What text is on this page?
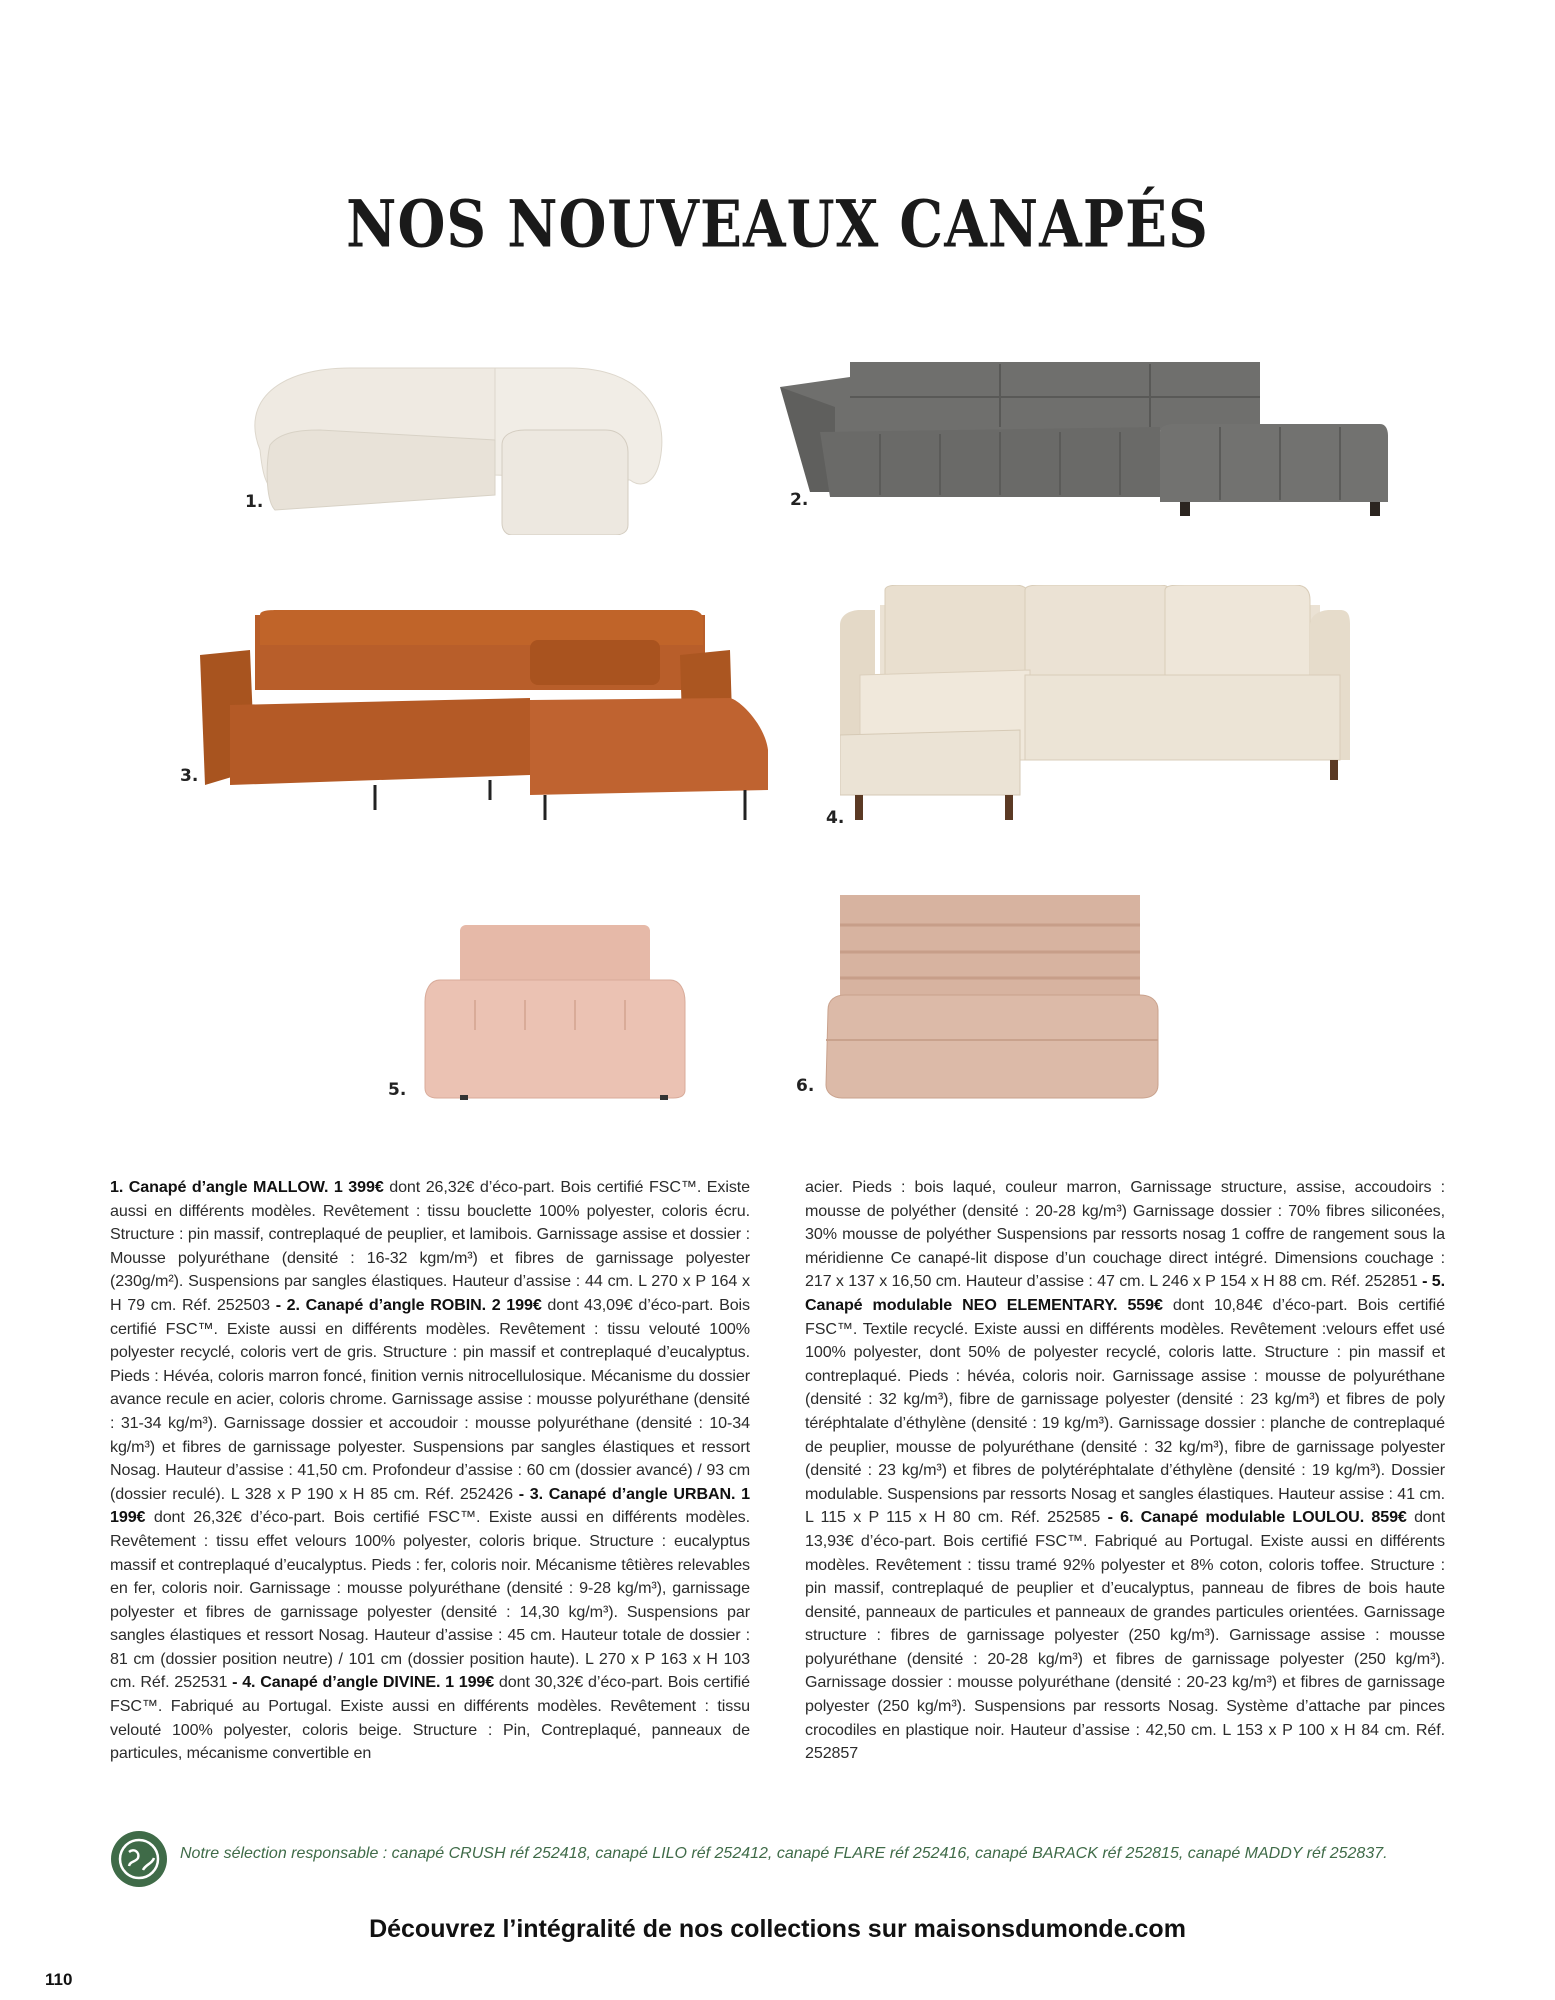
NOS NOUVEAUX CANAPÉS
1.	2.
3.
4.
5.	6.
1. Canapé d’angle MALLOW. 1 399€ dont 26,32€ d’éco-part. Bois certifié FSC™. Existe aussi en différents modèles. Revêtement : tissu bouclette 100% polyester, coloris écru. Structure : pin massif, contreplaqué de peuplier, et lamibois. Garnissage assise et dossier : Mousse polyuréthane (densité : 16-32 kgm/m³) et fibres de garnissage polyester (230g/m²). Suspensions par sangles élastiques. Hauteur d’assise : 44 cm. L 270 x P 164 x H 79 cm. Réf. 252503 - 2. Canapé d’angle ROBIN. 2 199€ dont 43,09€ d’éco-part. Bois certifié FSC™. Existe aussi en différents modèles. Revêtement : tissu velouté 100% polyester recyclé, coloris vert de gris. Structure : pin massif et contreplaqué d’eucalyptus. Pieds : Hévéa, coloris marron foncé, finition vernis nitrocellulosique. Mécanisme du dossier avance recule en acier, coloris chrome. Garnissage assise : mousse polyuréthane (densité : 31-34 kg/m³). Garnissage dossier et accoudoir : mousse polyuréthane (densité : 10-34 kg/m³) et fibres de garnissage polyester. Suspensions par sangles élastiques et ressort Nosag. Hauteur d’assise : 41,50 cm. Profondeur d’assise : 60 cm (dossier avancé) / 93 cm (dossier reculé). L 328 x P 190 x H 85 cm. Réf. 252426 - 3. Canapé d’angle URBAN. 1 199€ dont 26,32€ d’éco-part. Bois certifié FSC™. Existe aussi en différents modèles. Revêtement : tissu effet velours 100% polyester, coloris brique. Structure : eucalyptus massif et contreplaqué d’eucalyptus. Pieds : fer, coloris noir. Mécanisme têtières relevables en fer, coloris noir. Garnissage : mousse polyuréthane (densité : 9-28 kg/m³), garnissage polyester et fibres de garnissage polyester (densité : 14,30 kg/m³). Suspensions par sangles élastiques et ressort Nosag. Hauteur d’assise : 45 cm. Hauteur totale de dossier : 81 cm (dossier position neutre) / 101 cm (dossier position haute). L 270 x P 163 x H 103 cm. Réf. 252531 - 4. Canapé d’angle DIVINE. 1 199€ dont 30,32€ d’éco-part. Bois certifié FSC™. Fabriqué au Portugal. Existe aussi en différents modèles. Revêtement : tissu velouté 100% polyester, coloris beige. Structure : Pin, Contreplaqué, panneaux de particules, mécanisme convertible en
acier. Pieds : bois laqué, couleur marron, Garnissage structure, assise, accoudoirs : mousse de polyéther (densité : 20-28 kg/m³) Garnissage dossier : 70% fibres siliconées, 30% mousse de polyéther Suspensions par ressorts nosag 1 coffre de rangement sous la méridienne Ce canapé-lit dispose d’un couchage direct intégré. Dimensions couchage : 217 x 137 x 16,50 cm. Hauteur d’assise : 47 cm. L 246 x P 154 x H 88 cm. Réf. 252851 - 5. Canapé modulable NEO ELEMENTARY. 559€ dont 10,84€ d’éco-part. Bois certifié FSC™. Textile recyclé. Existe aussi en différents modèles. Revêtement :velours effet usé 100% polyester, dont 50% de polyester recyclé, coloris latte. Structure : pin massif et contreplaqué. Pieds : hévéa, coloris noir. Garnissage assise : mousse de polyuréthane (densité : 32 kg/m³), fibre de garnissage polyester (densité : 23 kg/m³) et fibres de poly téréphtalate d’éthylène (densité : 19 kg/m³). Garnissage dossier : planche de contreplaqué de peuplier, mousse de polyuréthane (densité : 32 kg/m³), fibre de garnissage polyester (densité : 23 kg/m³) et fibres de polytéréphtalate d’éthylène (densité : 19 kg/m³). Dossier modulable. Suspensions par ressorts Nosag et sangles élastiques. Hauteur assise : 41 cm. L 115 x P 115 x H 80 cm. Réf. 252585 - 6. Canapé modulable LOULOU. 859€ dont 13,93€ d’éco-part. Bois certifié FSC™. Fabriqué au Portugal. Existe aussi en différents modèles. Revêtement : tissu tramé 92% polyester et 8% coton, coloris toffee. Structure : pin massif, contreplaqué de peuplier et d’eucalyptus, panneau de fibres de bois haute densité, panneaux de particules et panneaux de grandes particules orientées. Garnissage structure : fibres de garnissage polyester (250 kg/m³). Garnissage assise : mousse polyuréthane (densité : 20-28 kg/m³) et fibres de garnissage polyester (250 kg/m³). Garnissage dossier : mousse polyuréthane (densité : 20-23 kg/m³) et fibres de garnissage polyester (250 kg/m³). Suspensions par ressorts Nosag. Système d’attache par pinces crocodiles en plastique noir. Hauteur d’assise : 42,50 cm. L 153 x P 100 x H 84 cm. Réf. 252857
Notre sélection responsable : canapé CRUSH réf 252418, canapé LILO réf 252412, canapé FLARE réf 252416, canapé BARACK réf 252815, canapé MADDY réf 252837.
Découvrez l’intégralité de nos collections sur maisonsdumonde.com
110
